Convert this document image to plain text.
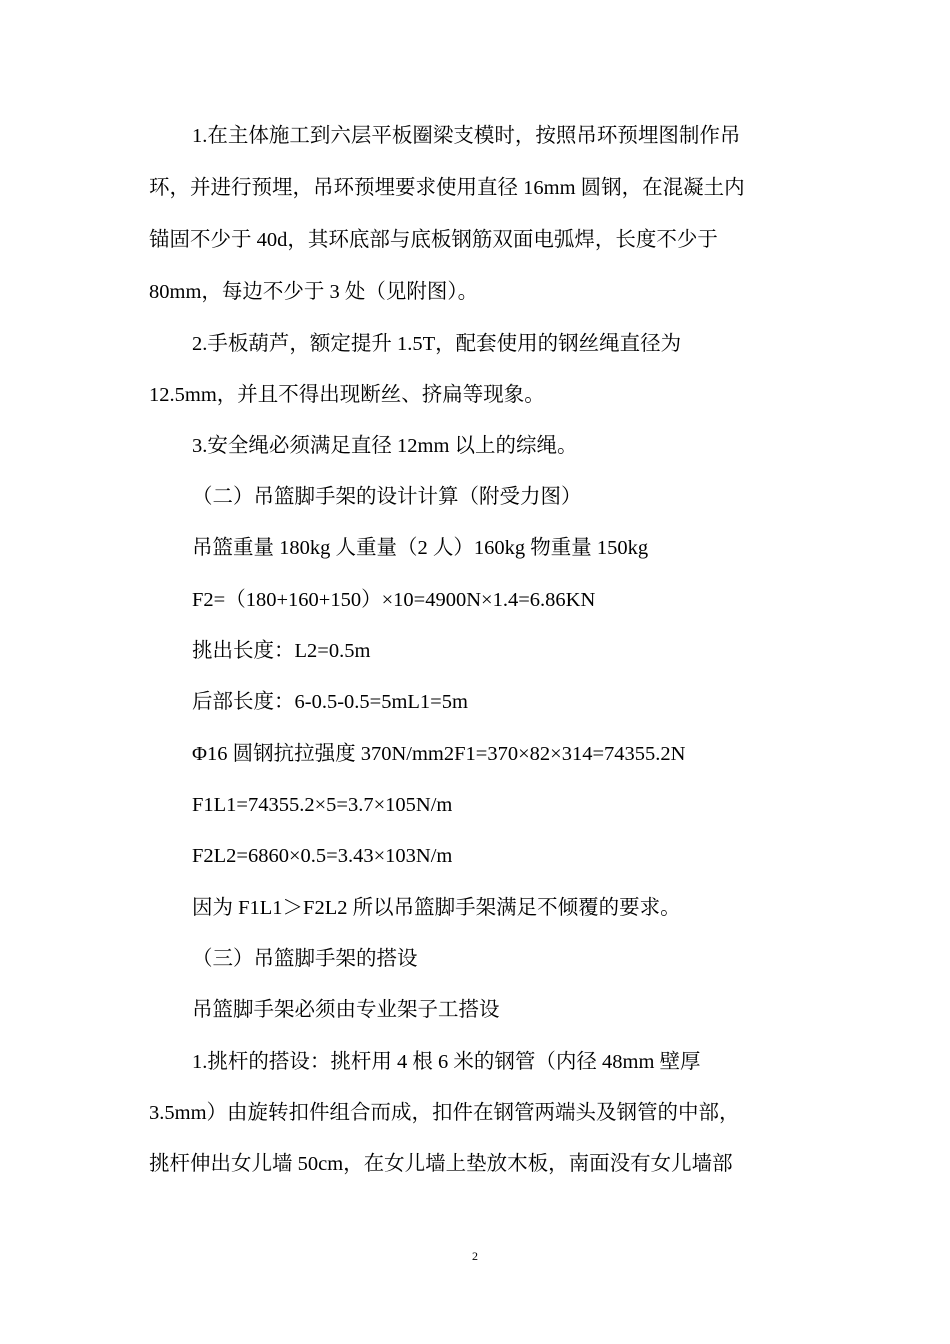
1.在主体施工到六层平板圈梁支模时，按照吊环预埋图制作吊
环，并进行预埋，吊环预埋要求使用直径 16mm 圆钢，在混凝土内
锚固不少于 40d，其环底部与底板钢筋双面电弧焊，长度不少于
80mm，每边不少于 3 处（见附图）。
2.手板葫芦，额定提升 1.5T，配套使用的钢丝绳直径为
12.5mm，并且不得出现断丝、挤扁等现象。
3.安全绳必须满足直径 12mm 以上的综绳。
（二）吊篮脚手架的设计计算（附受力图）
吊篮重量 180kg 人重量（2 人）160kg 物重量 150kg
F2=（180+160+150）×10=4900N×1.4=6.86KN
挑出长度：L2=0.5m
后部长度：6-0.5-0.5=5mL1=5m
Φ16 圆钢抗拉强度 370N/mm2F1=370×82×314=74355.2N
F1L1=74355.2×5=3.7×105N/m
F2L2=6860×0.5=3.43×103N/m
因为 F1L1＞F2L2 所以吊篮脚手架满足不倾覆的要求。
（三）吊篮脚手架的搭设
吊篮脚手架必须由专业架子工搭设
1.挑杆的搭设：挑杆用 4 根 6 米的钢管（内径 48mm 壁厚
3.5mm）由旋转扣件组合而成，扣件在钢管两端头及钢管的中部，
挑杆伸出女儿墙 50cm，在女儿墙上垫放木板，南面没有女儿墙部
2
